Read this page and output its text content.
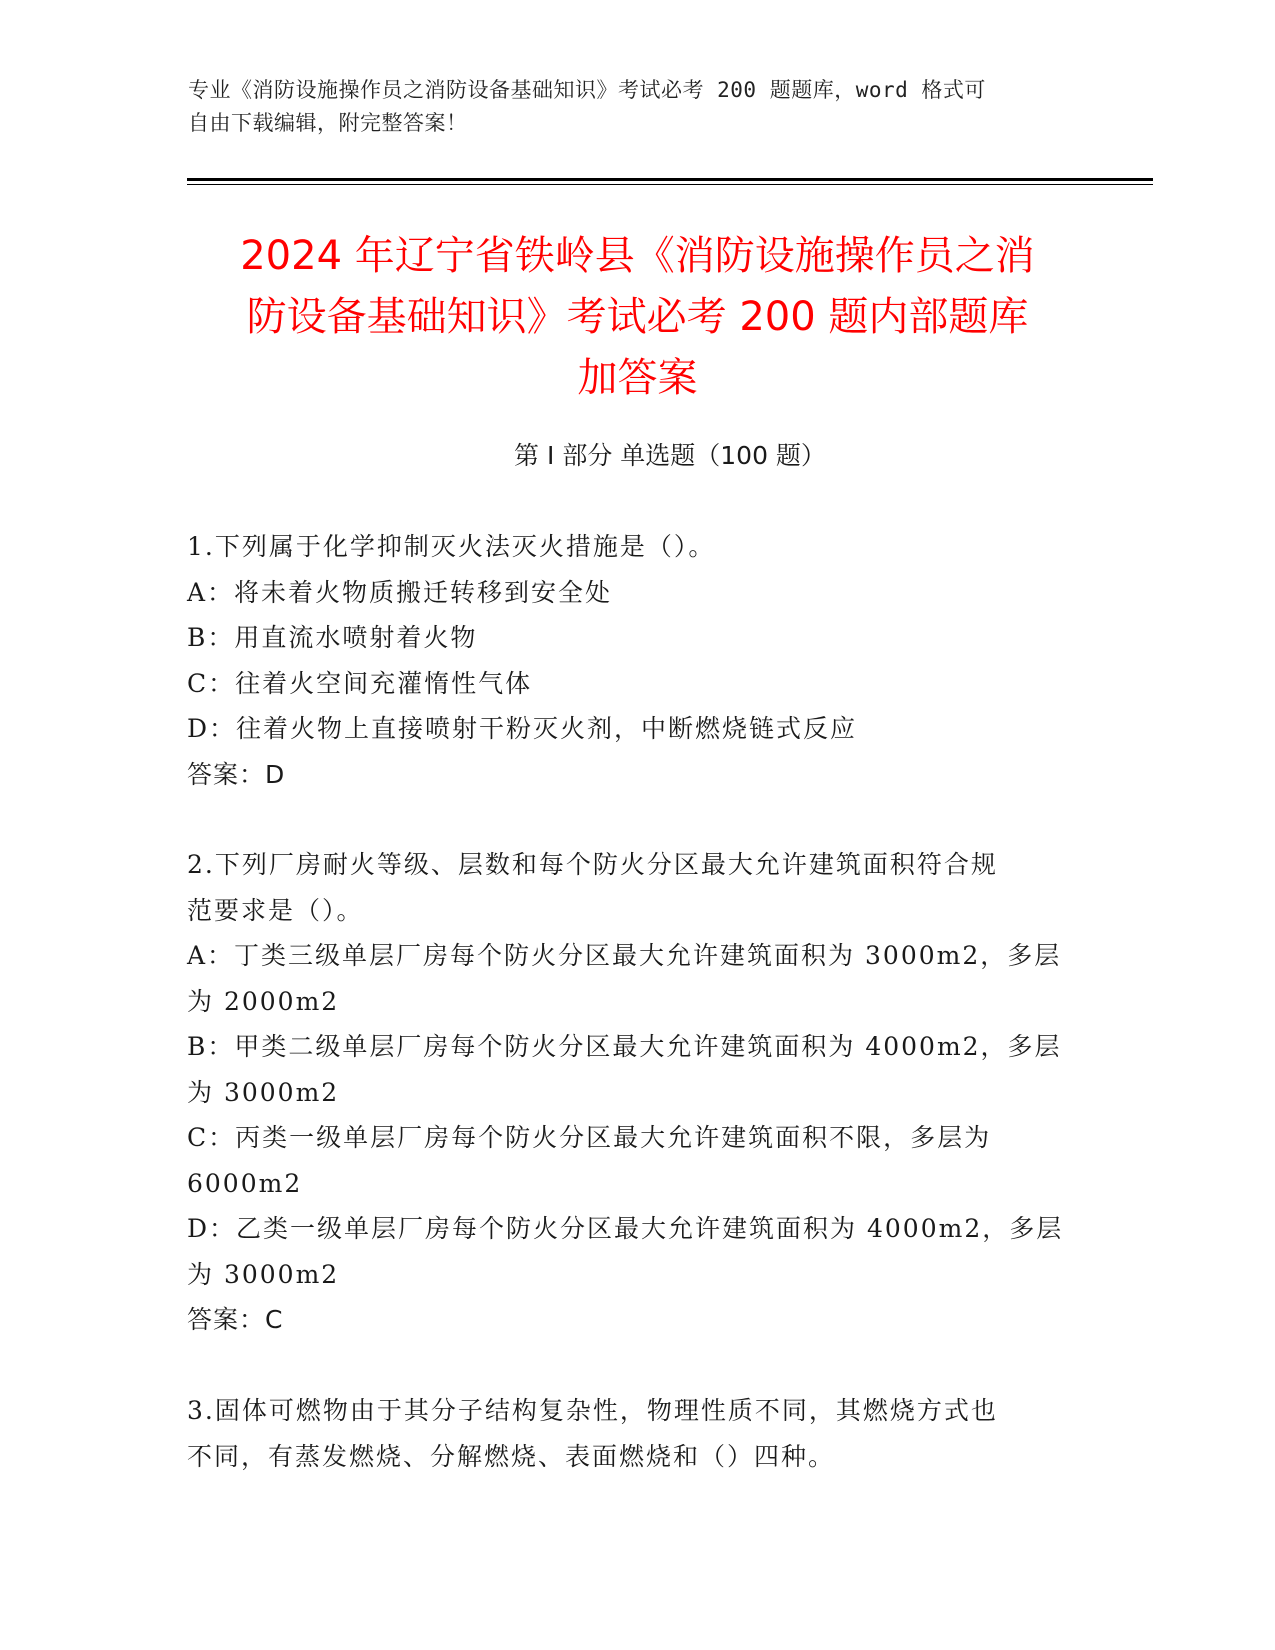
专业《消防设施操作员之消防设备基础知识》考试必考 200 题题库，word 格式可
自由下载编辑，附完整答案！
2024 年辽宁省铁岭县《消防设施操作员之消
防设备基础知识》考试必考 200 题内部题库
加答案
第 I 部分 单选题（100 题）
1.下列属于化学抑制灭火法灭火措施是（）。
A：将未着火物质搬迁转移到安全处
B：用直流水喷射着火物
C：往着火空间充灌惰性气体
D：往着火物上直接喷射干粉灭火剂，中断燃烧链式反应
答案：D
2.下列厂房耐火等级、层数和每个防火分区最大允许建筑面积符合规
范要求是（）。
A：丁类三级单层厂房每个防火分区最大允许建筑面积为 3000m2，多层
为 2000m2
B：甲类二级单层厂房每个防火分区最大允许建筑面积为 4000m2，多层
为 3000m2
C：丙类一级单层厂房每个防火分区最大允许建筑面积不限，多层为
6000m2
D：乙类一级单层厂房每个防火分区最大允许建筑面积为 4000m2，多层
为 3000m2
答案：C
3.固体可燃物由于其分子结构复杂性，物理性质不同，其燃烧方式也
不同，有蒸发燃烧、分解燃烧、表面燃烧和（）四种。
